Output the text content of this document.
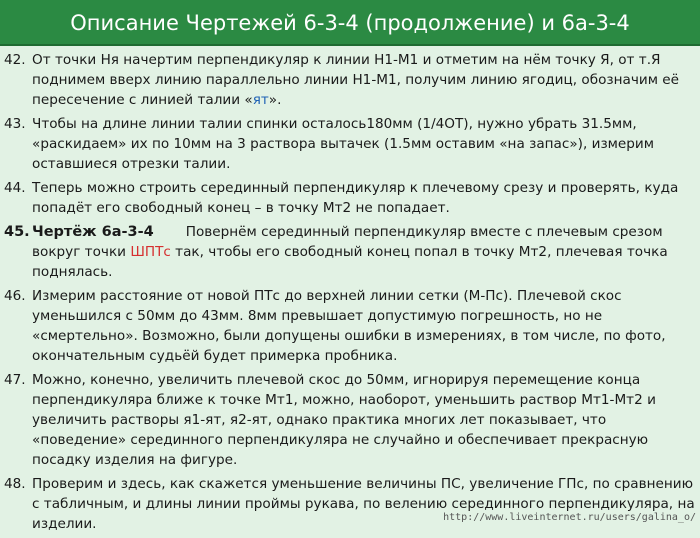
Описание Чертежей 6-3-4 (продолжение) и 6а-3-4
42. От точки Ня начертим перпендикуляр к линии Н1-М1 и отметим на нём точку Я, от т.Я поднимем вверх линию параллельно линии Н1-М1, получим линию ягодиц, обозначим её пересечение с линией талии «ят».
43. Чтобы на длине линии талии спинки осталось180мм (1/4ОТ), нужно убрать 31.5мм, «раскидаем» их по 10мм на 3 раствора вытачек (1.5мм оставим «на запас»), измерим оставшиеся отрезки талии.
44. Теперь можно строить серединный перпендикуляр к плечевому срезу и проверять, куда попадёт его свободный конец – в точку Мт2 не попадает.
45. Чертёж 6а-3-4 Повернём серединный перпендикуляр вместе с плечевым срезом вокруг точки ШПТс так, чтобы его свободный конец попал в точку Мт2, плечевая точка поднялась.
46. Измерим расстояние от новой ПТс до верхней линии сетки (М-Пс). Плечевой скос уменьшился с 50мм до 43мм. 8мм превышает допустимую погрешность, но не «смертельно». Возможно, были допущены ошибки в измерениях, в том числе, по фото, окончательным судьёй будет примерка пробника.
47. Можно, конечно, увеличить плечевой скос до 50мм, игнорируя перемещение конца перпендикуляра ближе к точке Мт1, можно, наоборот, уменьшить раствор Мт1-Мт2 и увеличить растворы я1-ят, я2-ят, однако практика многих лет показывает, что «поведение» серединного перпендикуляра не случайно и обеспечивает прекрасную посадку изделия на фигуре.
48. Проверим и здесь, как скажется уменьшение величины ПС, увеличение ГПс, по сравнению с табличным, и длины линии проймы рукава, по велению серединного перпендикуляра, на изделии.	http://www.liveinternet.ru/users/galina_o/
